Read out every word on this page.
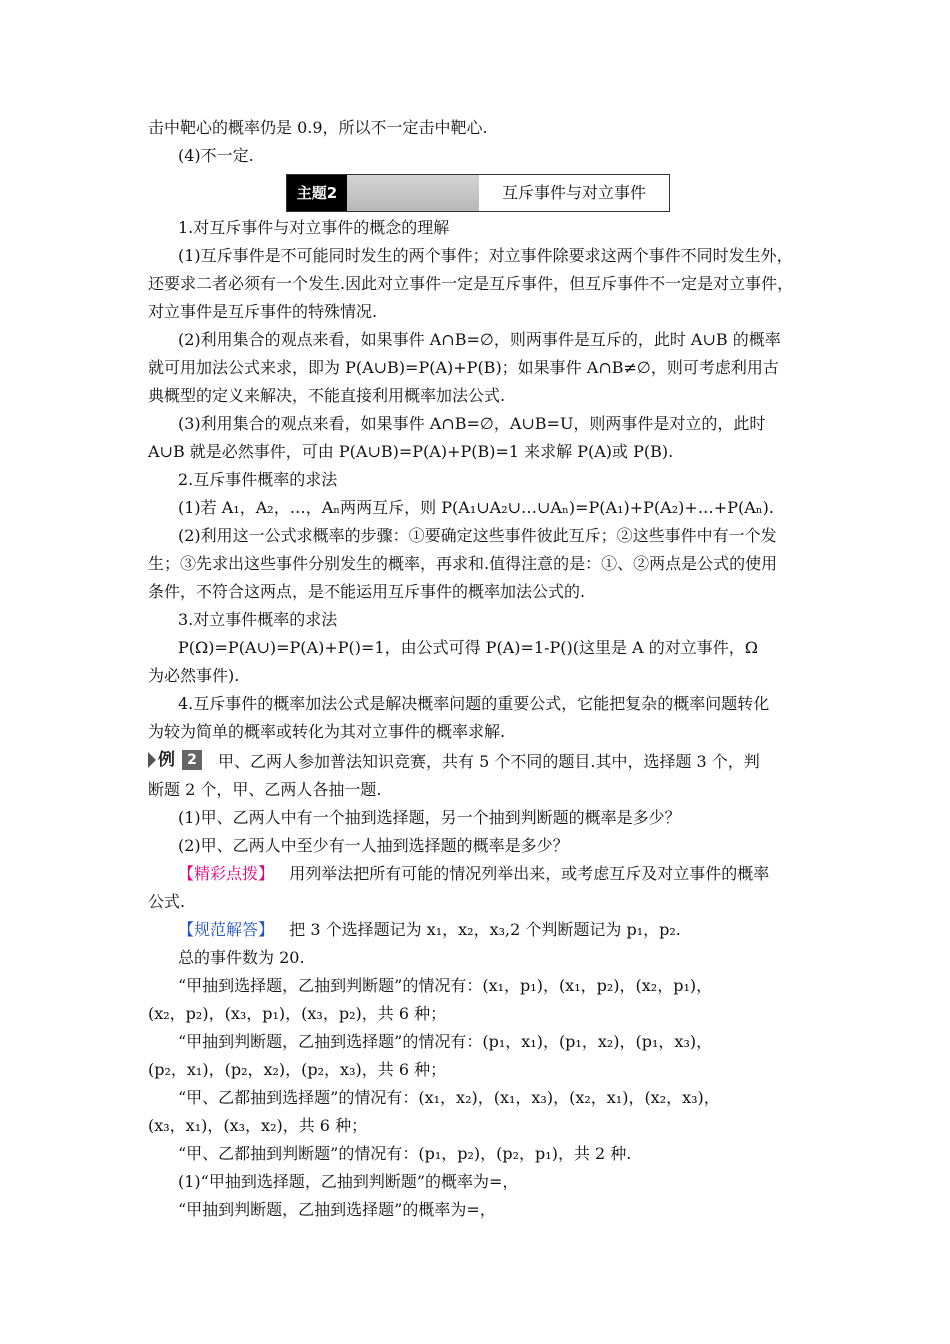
击中靶心的概率仍是 0.9，所以不一定击中靶心.
(4)不一定.
主题2	互斥事件与对立事件
1.对互斥事件与对立事件的概念的理解
(1)互斥事件是不可能同时发生的两个事件；对立事件除要求这两个事件不同时发生外，
还要求二者必须有一个发生.因此对立事件一定是互斥事件，但互斥事件不一定是对立事件，
对立事件是互斥事件的特殊情况.
(2)利用集合的观点来看，如果事件 A∩B=∅，则两事件是互斥的，此时 A∪B 的概率
就可用加法公式来求，即为 P(A∪B)=P(A)+P(B)；如果事件 A∩B≠∅，则可考虑利用古
典概型的定义来解决，不能直接利用概率加法公式.
(3)利用集合的观点来看，如果事件 A∩B=∅，A∪B=U，则两事件是对立的，此时
A∪B 就是必然事件，可由 P(A∪B)=P(A)+P(B)=1 来求解 P(A)或 P(B).
2.互斥事件概率的求法
(1)若 A₁，A₂，…，Aₙ两两互斥，则 P(A₁∪A₂∪…∪Aₙ)=P(A₁)+P(A₂)+…+P(Aₙ).
(2)利用这一公式求概率的步骤：①要确定这些事件彼此互斥；②这些事件中有一个发
生；③先求出这些事件分别发生的概率，再求和.值得注意的是：①、②两点是公式的使用
条件，不符合这两点，是不能运用互斥事件的概率加法公式的.
3.对立事件概率的求法
P(Ω)=P(A∪)=P(A)+P()=1，由公式可得 P(A)=1-P()(这里是 A 的对立事件，Ω
为必然事件).
4.互斥事件的概率加法公式是解决概率问题的重要公式，它能把复杂的概率问题转化
为较为简单的概率或转化为其对立事件的概率求解.
例 2	甲、乙两人参加普法知识竞赛，共有 5 个不同的题目.其中，选择题 3 个，判
断题 2 个，甲、乙两人各抽一题.
(1)甲、乙两人中有一个抽到选择题，另一个抽到判断题的概率是多少？
(2)甲、乙两人中至少有一人抽到选择题的概率是多少？
【精彩点拨】 用列举法把所有可能的情况列举出来，或考虑互斥及对立事件的概率
公式.
【规范解答】 把 3 个选择题记为 x₁，x₂，x₃,2 个判断题记为 p₁，p₂.
总的事件数为 20.
“甲抽到选择题，乙抽到判断题”的情况有：(x₁，p₁)，(x₁，p₂)，(x₂，p₁)，
(x₂，p₂)，(x₃，p₁)，(x₃，p₂)，共 6 种；
“甲抽到判断题，乙抽到选择题”的情况有：(p₁，x₁)，(p₁，x₂)，(p₁，x₃)，
(p₂，x₁)，(p₂，x₂)，(p₂，x₃)，共 6 种；
“甲、乙都抽到选择题”的情况有：(x₁，x₂)，(x₁，x₃)，(x₂，x₁)，(x₂，x₃)，
(x₃，x₁)，(x₃，x₂)，共 6 种；
“甲、乙都抽到判断题”的情况有：(p₁，p₂)，(p₂，p₁)，共 2 种.
(1)“甲抽到选择题，乙抽到判断题”的概率为=，
“甲抽到判断题，乙抽到选择题”的概率为=，
